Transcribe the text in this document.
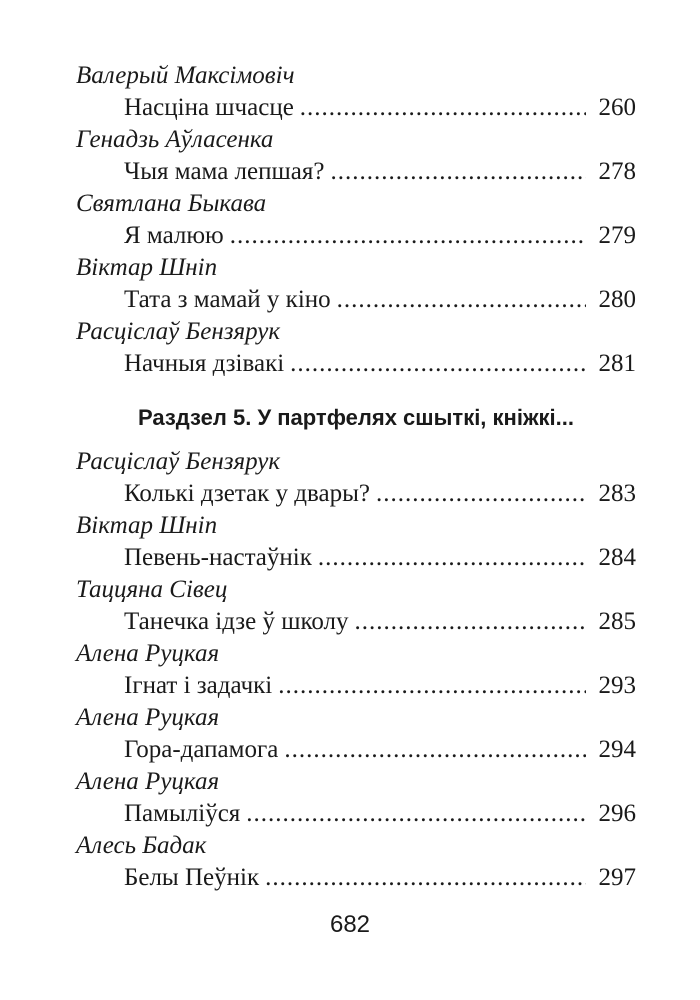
Валерый Максімовіч
Насціна шчасце .....	260
Генадзь Аўласенка
Чыя мама лепшая? .....	278
Святлана Быкава
Я малюю .....	279
Віктар Шніп
Тата з мамай у кіно .....	280
Расціслаў Бензярук
Начныя дзівакі .....	281
Раздзел 5. У партфелях сшыткі, кніжкі...
Расціслаў Бензярук
Колькі дзетак у двары? .....	283
Віктар Шніп
Певень-настаўнік .....	284
Таццяна Сівец
Танечка ідзе ў школу .....	285
Алена Руцкая
Ігнат і задачкі .....	293
Алена Руцкая
Гора-дапамога .....	294
Алена Руцкая
Памыліўся .....	296
Алесь Бадак
Белы Пеўнік .....	297
682
